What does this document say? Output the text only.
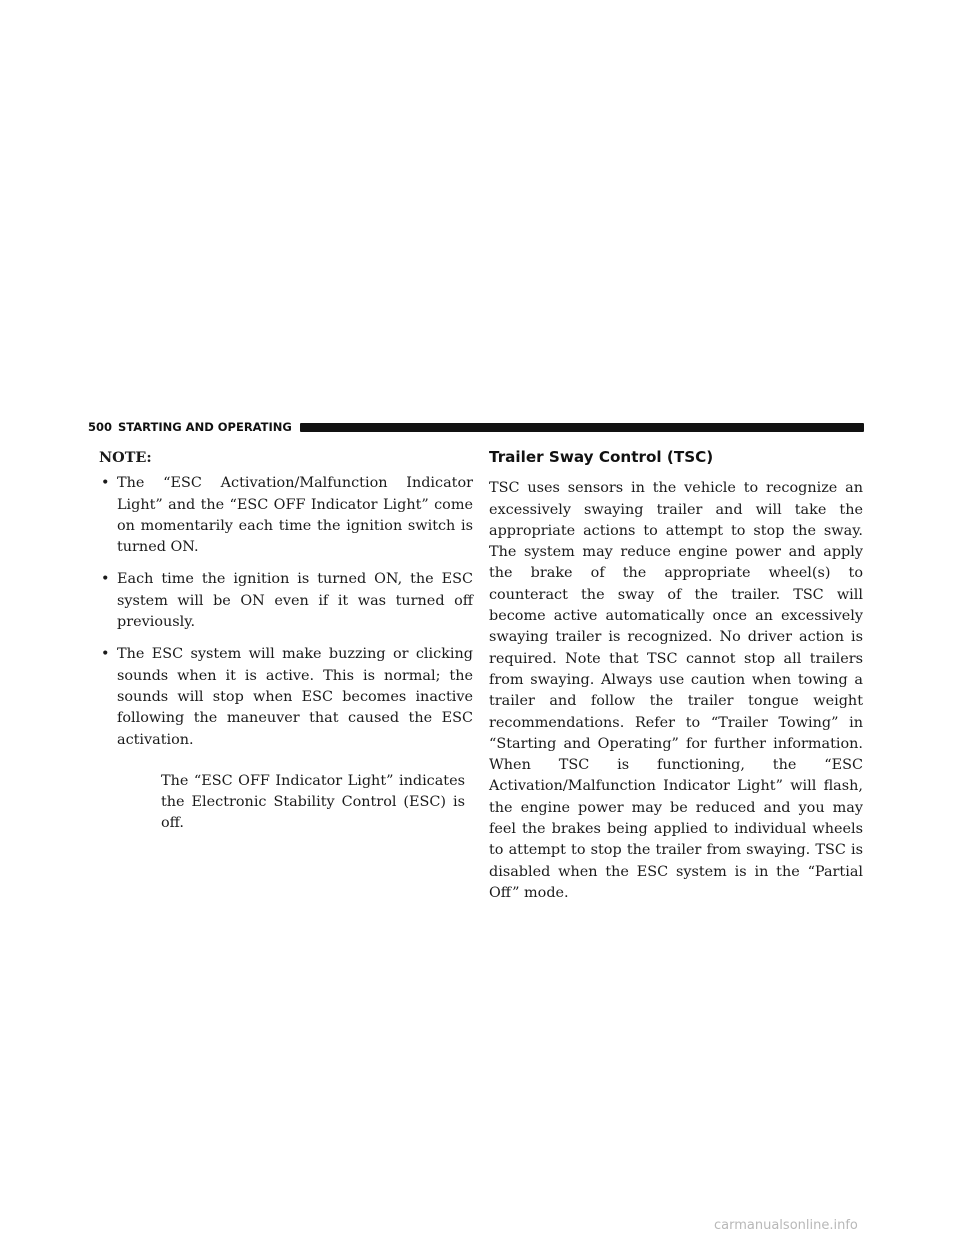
500 STARTING AND OPERATING

NOTE:

• The “ESC Activation/Malfunction Indicator Light” and the “ESC OFF Indicator Light” come on momentarily each time the ignition switch is turned ON.
• Each time the ignition is turned ON, the ESC system will be ON even if it was turned off previously.
• The ESC system will make buzzing or clicking sounds when it is active. This is normal; the sounds will stop when ESC becomes inactive following the maneuver that caused the ESC activation.

The “ESC OFF Indicator Light” indicates the Electronic Stability Control (ESC) is off.

Trailer Sway Control (TSC)

TSC uses sensors in the vehicle to recognize an excessively swaying trailer and will take the appropriate actions to attempt to stop the sway. The system may reduce engine power and apply the brake of the appropriate wheel(s) to counteract the sway of the trailer. TSC will become active automatically once an excessively swaying trailer is recognized. No driver action is required. Note that TSC cannot stop all trailers from swaying. Always use caution when towing a trailer and follow the trailer tongue weight recommendations. Refer to “Trailer Towing” in “Starting and Operating” for further information. When TSC is functioning, the “ESC Activation/Malfunction Indicator Light” will flash, the engine power may be reduced and you may feel the brakes being applied to individual wheels to attempt to stop the trailer from swaying. TSC is disabled when the ESC system is in the “Partial Off” mode.

carmanualsonline.info
